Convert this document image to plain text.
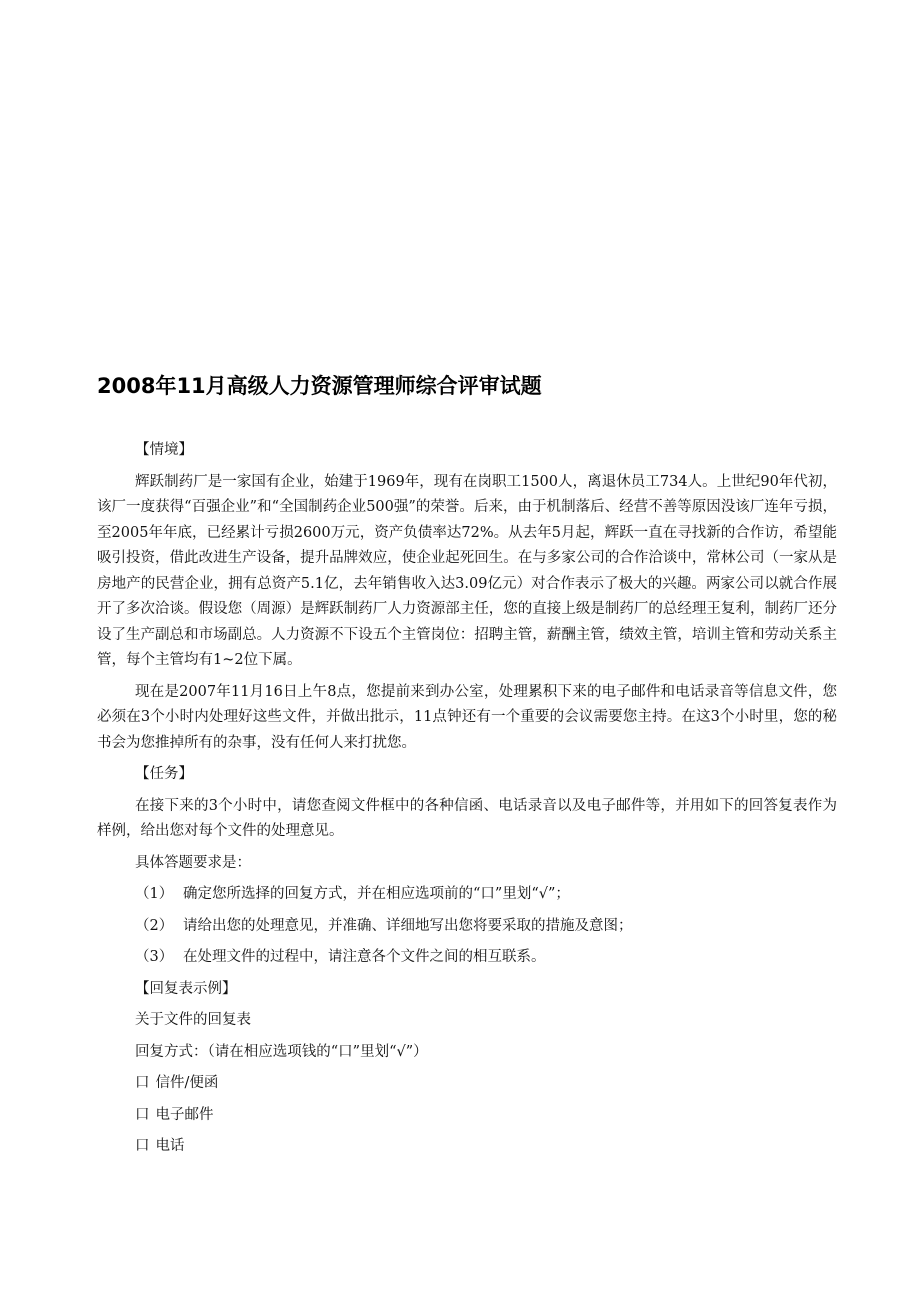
2008年11月高级人力资源管理师综合评审试题

【情境】

辉跃制药厂是一家国有企业，始建于1969年，现有在岗职工1500人，离退休员工734人。上世纪90年代初，该厂一度获得“百强企业”和“全国制药企业500强”的荣誉。后来，由于机制落后、经营不善等原因没该厂连年亏损，至2005年年底，已经累计亏损2600万元，资产负债率达72%。从去年5月起，辉跃一直在寻找新的合作访，希望能吸引投资，借此改进生产设备，提升品牌效应，使企业起死回生。在与多家公司的合作洽谈中，常林公司（一家从是房地产的民营企业，拥有总资产5.1亿，去年销售收入达3.09亿元）对合作表示了极大的兴趣。两家公司以就合作展开了多次洽谈。假设您（周源）是辉跃制药厂人力资源部主任，您的直接上级是制药厂的总经理王复利，制药厂还分设了生产副总和市场副总。人力资源不下设五个主管岗位：招聘主管，薪酬主管，绩效主管，培训主管和劳动关系主管，每个主管均有1~2位下属。

现在是2007年11月16日上午8点，您提前来到办公室，处理累积下来的电子邮件和电话录音等信息文件，您必须在3个小时内处理好这些文件，并做出批示，11点钟还有一个重要的会议需要您主持。在这3个小时里，您的秘书会为您推掉所有的杂事，没有任何人来打扰您。

【任务】

在接下来的3个小时中，请您查阅文件框中的各种信函、电话录音以及电子邮件等，并用如下的回答复表作为样例，给出您对每个文件的处理意见。

具体答题要求是：

（1） 确定您所选择的回复方式，并在相应选项前的“口”里划“√”；

（2） 请给出您的处理意见，并准确、详细地写出您将要采取的措施及意图；

（3） 在处理文件的过程中，请注意各个文件之间的相互联系。

【回复表示例】

关于文件的回复表

回复方式：（请在相应选项钱的“口”里划“√”）

口 信件/便函

口 电子邮件

口 电话
